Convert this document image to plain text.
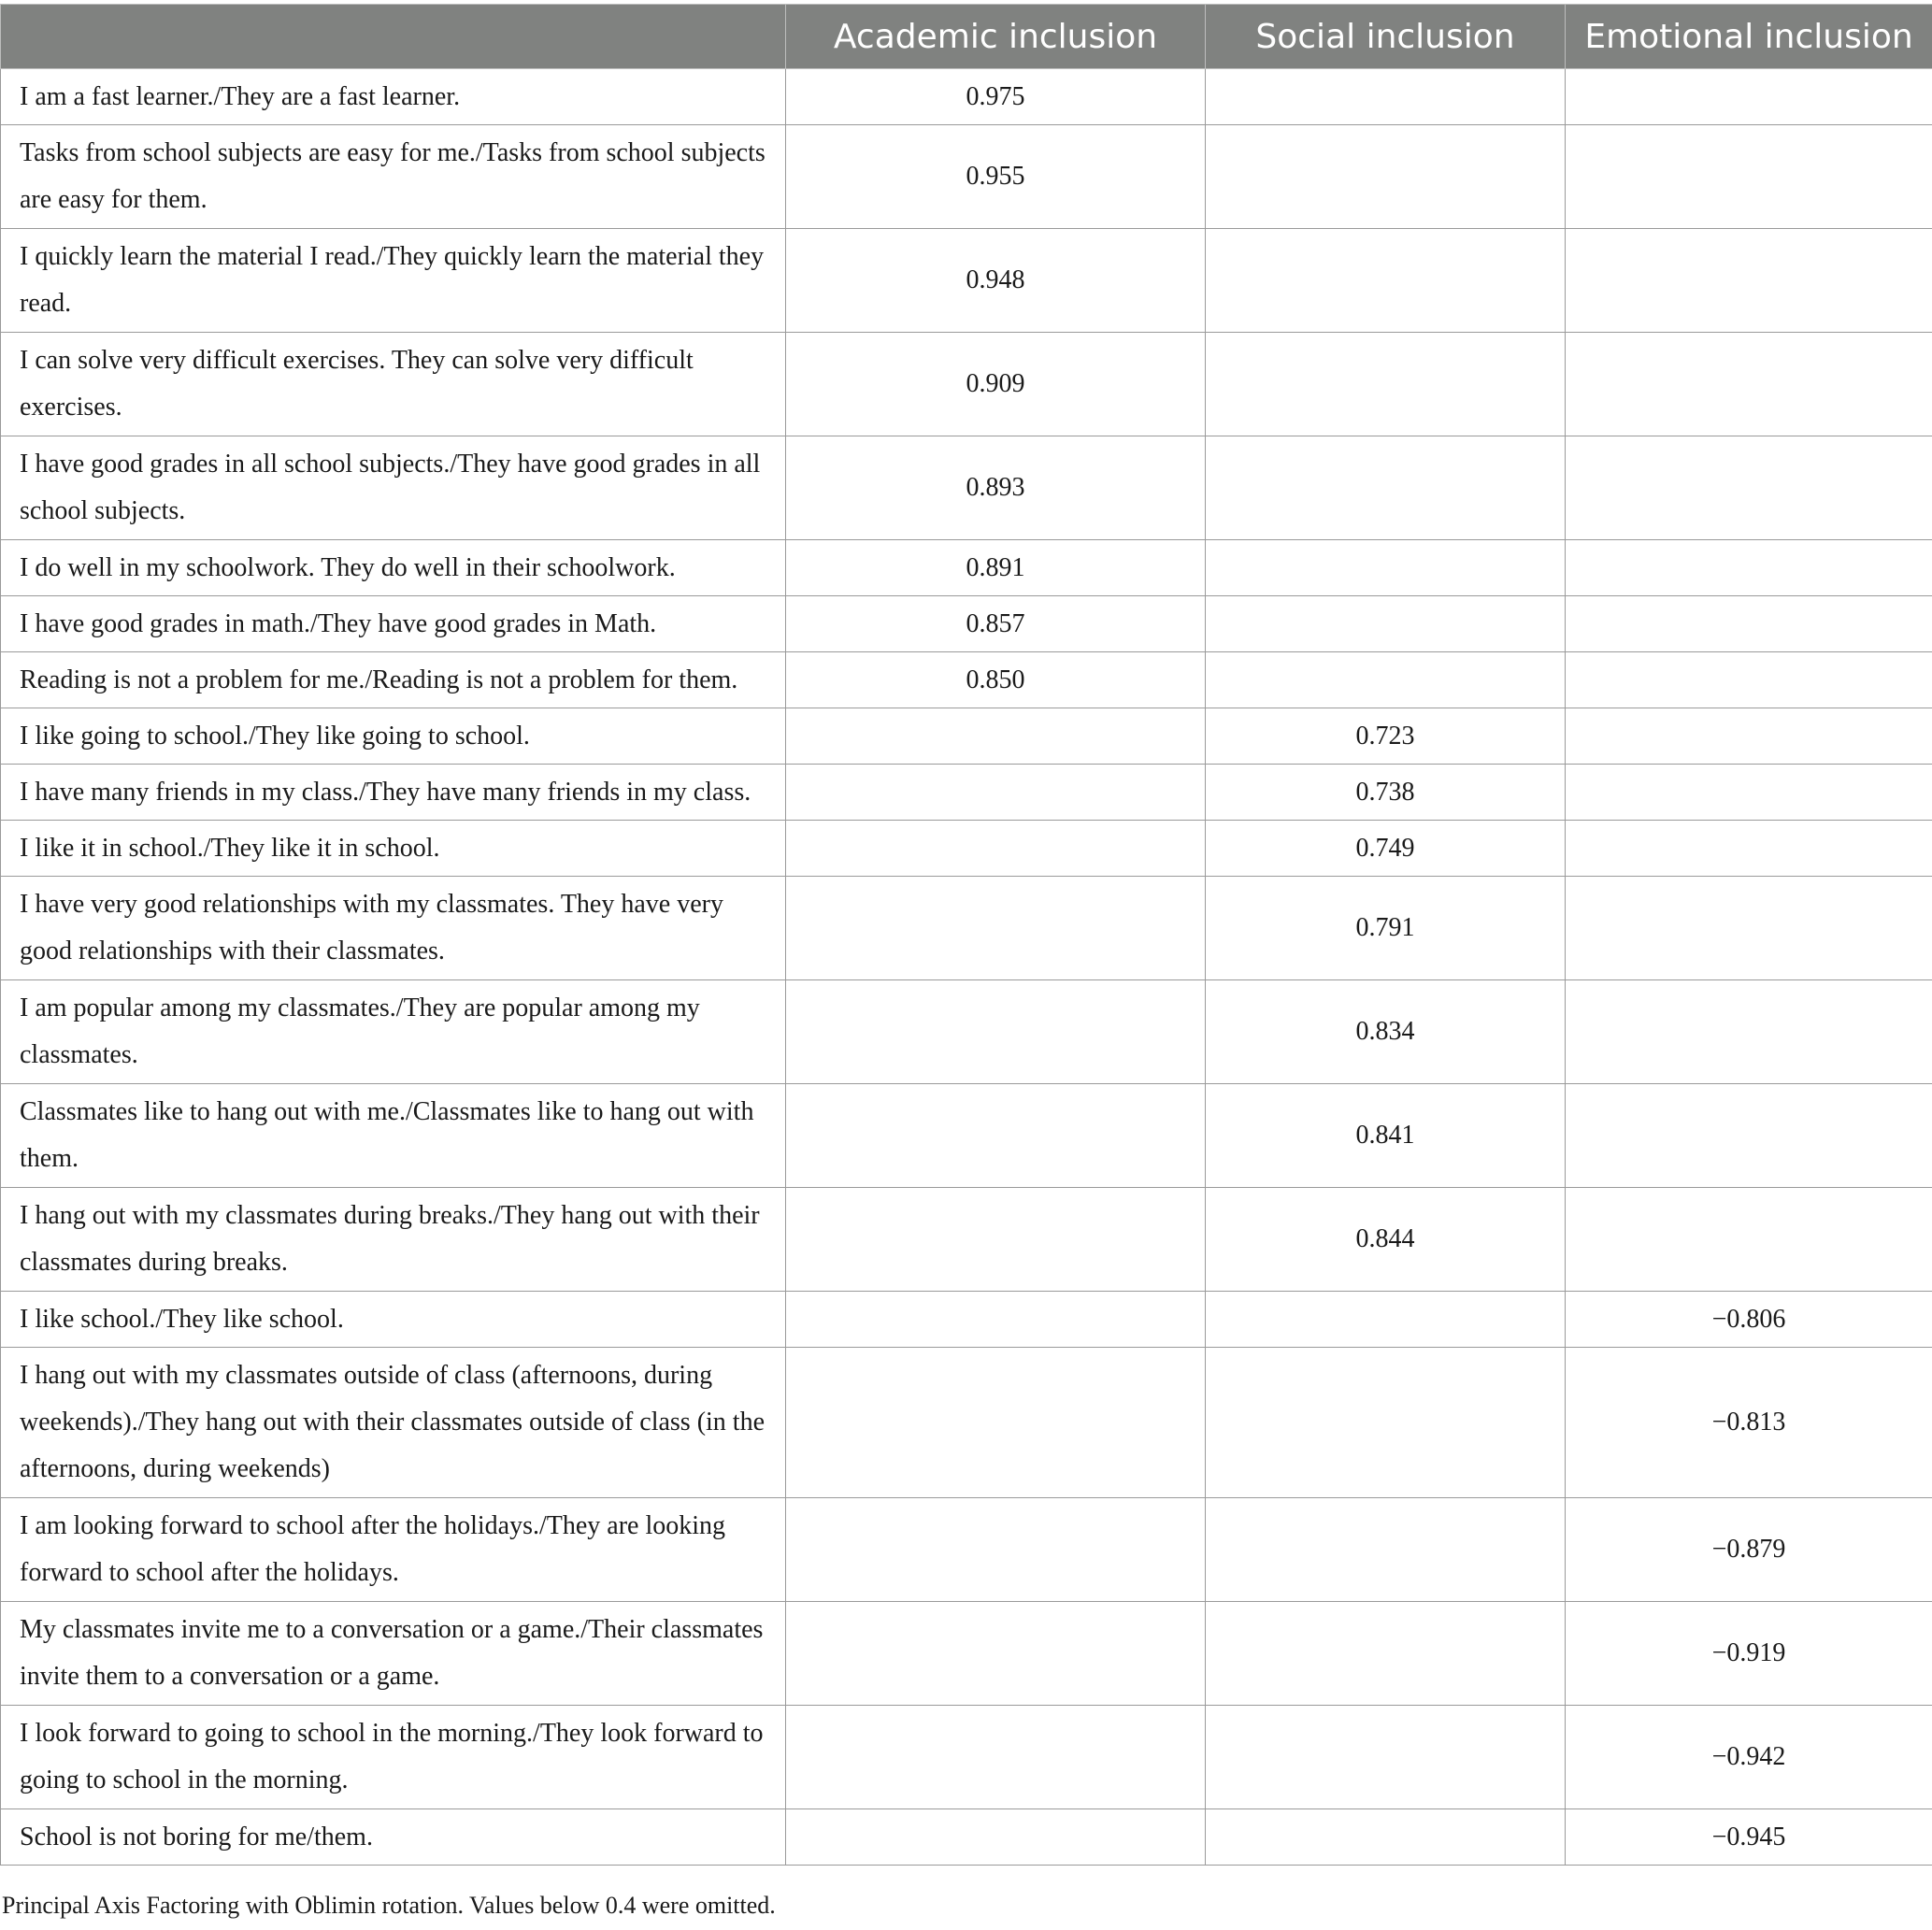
	Academic inclusion	Social inclusion	Emotional inclusion
I am a fast learner./They are a fast learner.	0.975		
Tasks from school subjects are easy for me./Tasks from school subjects are easy for them.	0.955		
I quickly learn the material I read./They quickly learn the material they read.	0.948		
I can solve very difficult exercises. They can solve very difficult exercises.	0.909		
I have good grades in all school subjects./They have good grades in all school subjects.	0.893		
I do well in my schoolwork. They do well in their schoolwork.	0.891		
I have good grades in math./They have good grades in Math.	0.857		
Reading is not a problem for me./Reading is not a problem for them.	0.850		
I like going to school./They like going to school.		0.723	
I have many friends in my class./They have many friends in my class.		0.738	
I like it in school./They like it in school.		0.749	
I have very good relationships with my classmates. They have very good relationships with their classmates.		0.791	
I am popular among my classmates./They are popular among my classmates.		0.834	
Classmates like to hang out with me./Classmates like to hang out with them.		0.841	
I hang out with my classmates during breaks./They hang out with their classmates during breaks.		0.844	
I like school./They like school.			−0.806
I hang out with my classmates outside of class (afternoons, during weekends)./They hang out with their classmates outside of class (in the afternoons, during weekends)			−0.813
I am looking forward to school after the holidays./They are looking forward to school after the holidays.			−0.879
My classmates invite me to a conversation or a game./Their classmates invite them to a conversation or a game.			−0.919
I look forward to going to school in the morning./They look forward to going to school in the morning.			−0.942
School is not boring for me/them.			−0.945

Principal Axis Factoring with Oblimin rotation. Values below 0.4 were omitted.
